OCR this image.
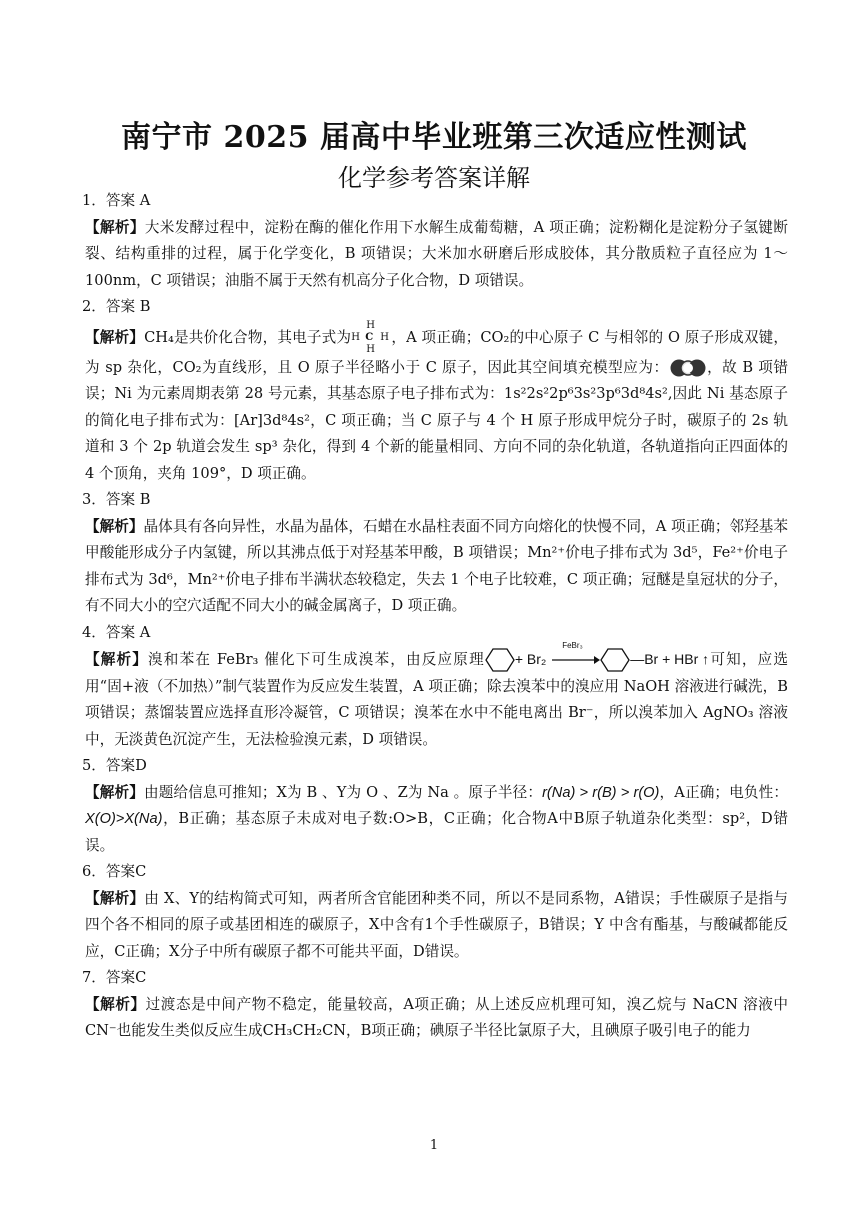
南宁市 2025 届高中毕业班第三次适应性测试
化学参考答案详解

1．答案 A

【解析】大米发酵过程中，淀粉在酶的催化作用下水解生成葡萄糖，A 项正确；淀粉糊化是淀粉分子氢键断裂、结构重排的过程，属于化学变化，B 项错误；大米加水研磨后形成胶体，其分散质粒子直径应为 1～100nm，C 项错误；油脂不属于天然有机高分子化合物，D 项错误。

2．答案 B

【解析】CH₄是共价化合物，其电子式为
H
H C H
H
，A 项正确；CO₂的中心原子 C 与相邻的 O 原子形成双键，为 sp 杂化，CO₂为直线形，且 O 原子半径略小于 C 原子，因此其空间填充模型应为：	，故 B 项错误；Ni 为元素周期表第 28 号元素，其基态原子电子排布式为：1s²2s²2p⁶3s²3p⁶3d⁸4s²,因此 Ni 基态原子的简化电子排布式为：[Ar]3d⁸4s²，C 项正确；当 C 原子与 4 个 H 原子形成甲烷分子时，碳原子的 2s 轨道和 3 个 2p 轨道会发生 sp³ 杂化，得到 4 个新的能量相同、方向不同的杂化轨道，各轨道指向正四面体的 4 个顶角，夹角 109°，D 项正确。

3．答案 B

【解析】晶体具有各向异性，水晶为晶体，石蜡在水晶柱表面不同方向熔化的快慢不同，A 项正确；邻羟基苯甲酸能形成分子内氢键，所以其沸点低于对羟基苯甲酸，B 项错误；Mn²⁺价电子排布式为 3d⁵，Fe²⁺价电子排布式为 3d⁶，Mn²⁺价电子排布半满状态较稳定，失去 1 个电子比较难，C 项正确；冠醚是皇冠状的分子，有不同大小的空穴适配不同大小的碱金属离子，D 项正确。

4．答案 A

【解析】溴和苯在 FeBr₃ 催化下可生成溴苯，由反应原理 + Br₂
FeBr₃
—Br + HBr ↑可知，应选用“固+液（不加热）”制气装置作为反应发生装置，A 项正确；除去溴苯中的溴应用 NaOH 溶液进行碱洗，B 项错误；蒸馏装置应选择直形冷凝管，C 项错误；溴苯在水中不能电离出 Br⁻，所以溴苯加入 AgNO₃ 溶液中，无淡黄色沉淀产生，无法检验溴元素，D 项错误。

5．答案D

【解析】由题给信息可推知；X为 B 、Y为 O 、Z为 Na 。原子半径：r(Na) > r(B) > r(O)，A正确；电负性：X(O)>X(Na)，B正确；基态原子未成对电子数:O>B，C正确；化合物A中B原子轨道杂化类型：sp²，D错误。

6．答案C

【解析】由 X、Y的结构简式可知，两者所含官能团种类不同，所以不是同系物，A错误；手性碳原子是指与四个各不相同的原子或基团相连的碳原子，X中含有1个手性碳原子，B错误；Y 中含有酯基，与酸碱都能反应，C正确；X分子中所有碳原子都不可能共平面，D错误。

7．答案C

【解析】过渡态是中间产物不稳定，能量较高，A项正确；从上述反应机理可知，溴乙烷与 NaCN 溶液中CN⁻也能发生类似反应生成CH₃CH₂CN，B项正确；碘原子半径比氯原子大，且碘原子吸引电子的能力

1
